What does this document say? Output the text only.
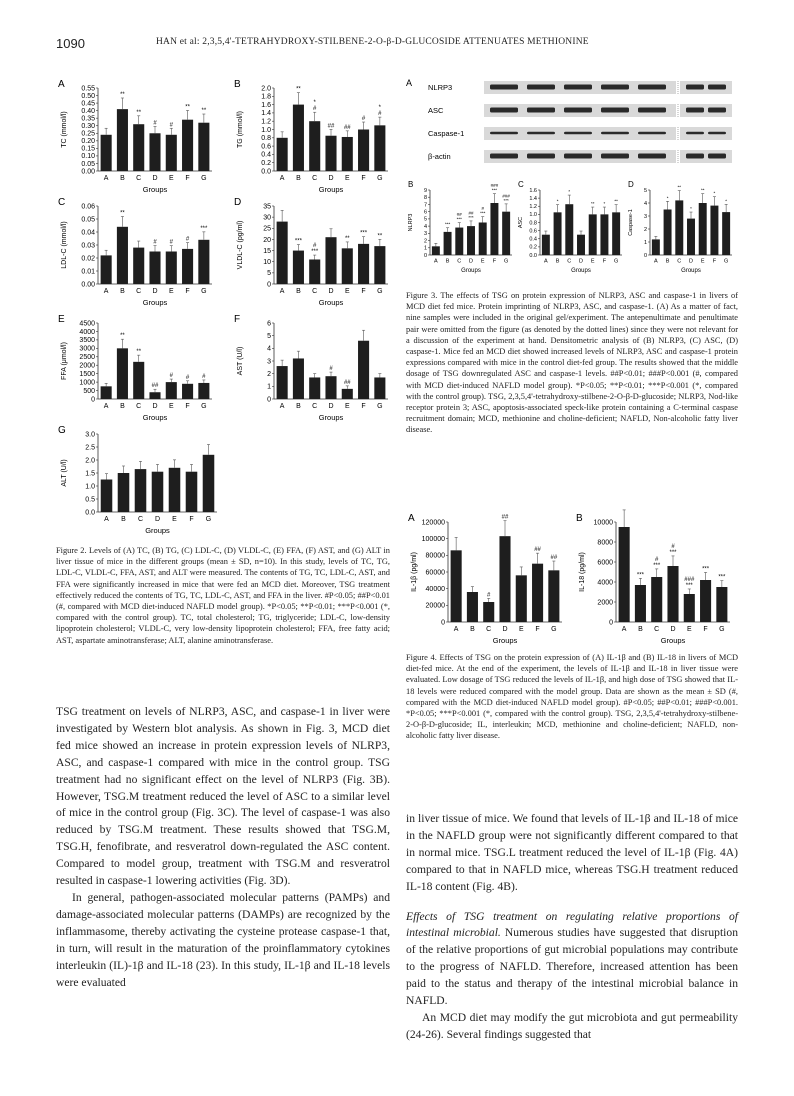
1090	HAN et al: 2,3,5,4'-TETRAHYDROXY-STILBENE-2-O-β-D-GLUCOSIDE ATTENUATES METHIONINE
A
TC (mmol/l)
0.55
0.50
0.45
0.40
0.35
0.30
0.25
0.20
0.15
0.10
0.05
0.00
A
**
B
**
C
#
D
#
E
**
F
**
G
Groups
B
TG (mmol/l)
2.0
1.8
1.6
1.4
1.2
1.0
0.8
0.6
0.4
0.2
0.0
A
**
B
*
#
C
##
D
##
E
#
F
*
#
G
Groups
C
LDL-C (mmol/l)
0.06
0.05
0.04
0.03
0.02
0.01
0.00
A
**
B C
#
D
#
E
#
F
***
G
Groups
D
VLDL-C (pg/ml)
35
30
25
20
15
10
5
0
A
***
B
#
***
C D
**
E
***
F
**
G
Groups
E
FFA (μmol/l)
4500
4000
3500
3000
2500
2000
1500
1000
500
0
A
**
B
**
C
##
D
#
E
#
F
#
G
Groups
F
AST (U/l)
6
5
4
3
2
1
0
A B C
#
D
##
E F G
Groups
G
ALT (U/l)
3.0
2.5
2.0
1.5
1.0
0.5
0.0
A B C D E F G
Groups
Figure 2. Levels of (A) TC, (B) TG, (C) LDL-C, (D) VLDL-C, (E) FFA, (F) AST, and (G) ALT in liver tissue of mice in the different groups (mean ± SD, n=10). In this study, levels of TC, TG, LDL-C, VLDL-C, FFA, AST, and ALT were measured. The contents of TG, TC, LDL-C, AST, and FFA were significantly increased in mice that were fed an MCD diet. Moreover, TSG treatment effectively reduced the contents of TG, TC, LDL-C, AST, and FFA in the liver. #P<0.05; ##P<0.01 (#, compared with MCD diet-induced NAFLD model group). *P<0.05; **P<0.01; ***P<0.001 (*, compared with the control group). TC, total cholesterol; TG, triglyceride; LDL-C, low-density lipoprotein cholesterol; VLDL-C, very low-density lipoprotein cholesterol; FFA, free fatty acid; AST, aspartate aminotransferase; ALT, alanine aminotransferase.
A NLRP3
ASC
Caspase-1
β-actin
B
NLRP3
9
8
7
6
5
4
3
2
1
0
A
***
B
##
***
C
##
***
D
#
***
E
###
***
F
###
***
G
Groups
C
ASC
1.6
1.4
1.2
1.0
0.8
0.6
0.4
0.2
0.0
A
*
B
*
C D
**
E
*
F
**
G
Groups
D
Caspase-1
5
4
3
2
1
0
A
*
B
**
C
*
D
**
E
*
F
*
G
Groups
Figure 3. The effects of TSG on protein expression of NLRP3, ASC and caspase-1 in livers of MCD diet fed mice. Protein imprinting of NLRP3, ASC, and caspase-1. (A) As a matter of fact, nine samples were included in the original gel/experiment. The antepenultimate and penultimate pair were omitted from the figure (as denoted by the dotted lines) since they were not relevant for a discussion of the experiment at hand. Densitometric analysis of (B) NLRP3, (C) ASC, (D) caspase-1. Mice fed an MCD diet showed increased levels of NLRP3, ASC and caspase-1 protein expressions compared with mice in the control diet-fed group. The results showed that the middle dosage of TSG downregulated ASC and caspase-1 levels. ##P<0.01; ###P<0.001 (#, compared with MCD diet-induced NAFLD model group). *P<0.05; **P<0.01; ***P<0.001 (*, compared with the control group). TSG, 2,3,5,4'-tetrahydroxy-stilbene-2-O-β-D-glucoside; NLRP3, Nod-like receptor protein 3; ASC, apoptosis-associated speck-like protein containing a C-terminal caspase recruitment domain; MCD, methionine and choline-deficient; NAFLD, Non-alcoholic fatty liver disease.
A
IL-1β (pg/ml)
120000
100000
80000
60000
40000
20000
0
A B
#
C
##
D E
##
F
##
G
Groups
B
IL-18 (pg/ml)
10000
8000
6000
4000
2000
0
A
***
B
#
***
C
#
***
D
###
***
E
***
F
***
G
Groups
Figure 4. Effects of TSG on the protein expression of (A) IL-1β and (B) IL-18 in livers of MCD diet-fed mice. At the end of the experiment, the levels of IL-1β and IL-18 in liver tissue were evaluated. Low dosage of TSG reduced the levels of IL-1β, and high dose of TSG showed that IL-18 levels were reduced compared with the model group. Data are shown as the mean ± SD (#, compared with the MCD diet-induced NAFLD model group). #P<0.05; ##P<0.01; ###P<0.001. *P<0.05; ***P<0.001 (*, compared with the control group). TSG, 2,3,5,4'-tetrahydroxy-stilbene-2-O-β-D-glucoside; IL, interleukin; MCD, methionine and choline-deficient; NAFLD, non-alcoholic fatty liver disease.

TSG treatment on levels of NLRP3, ASC, and caspase-1 in liver were investigated by Western blot analysis. As shown in Fig. 3, MCD diet fed mice showed an increase in protein expression levels of NLRP3, ASC, and caspase-1 compared with mice in the control group. TSG treatment had no significant effect on the level of NLRP3 (Fig. 3B). However, TSG.M treatment reduced the level of ASC to a similar level of mice in the control group (Fig. 3C). The level of caspase-1 was also reduced by TSG.M treatment. These results showed that TSG.M, TSG.H, fenofibrate, and resveratrol down-regulated the ASC content. Compared to model group, treatment with TSG.M and resveratrol resulted in caspase-1 lowering activities (Fig. 3D).

In general, pathogen-associated molecular patterns (PAMPs) and damage-associated molecular patterns (DAMPs) are recognized by the inflammasome, thereby activating the cysteine protease caspase-1 that, in turn, will result in the maturation of the proinflammatory cytokines interleukin (IL)-1β and IL-18 (23). In this study, IL-1β and IL-18 levels were evaluated

in liver tissue of mice. We found that levels of IL-1β and IL-18 of mice in the NAFLD group were not significantly different compared to that in normal mice. TSG.L treatment reduced the level of IL-1β (Fig. 4A) compared to that in NAFLD mice, whereas TSG.H treatment reduced IL-18 content (Fig. 4B).

Effects of TSG treatment on regulating relative proportions of intestinal microbial. Numerous studies have suggested that disruption of the relative proportions of gut microbial populations may contribute to the progress of NAFLD. Therefore, increased attention has been paid to the status and therapy of the intestinal microbial balance in NAFLD.

An MCD diet may modify the gut microbiota and gut permeability (24-26). Several findings suggested that
